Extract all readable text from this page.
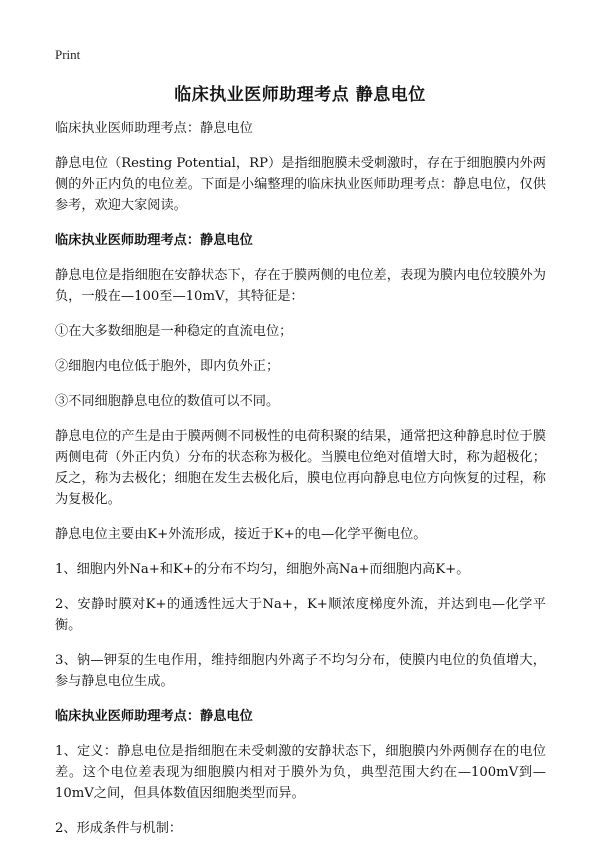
Print
临床执业医师助理考点 静息电位

临床执业医师助理考点：静息电位

静息电位（Resting Potential，RP）是指细胞膜未受刺激时，存在于细胞膜内外两侧的外正内负的电位差。下面是小编整理的临床执业医师助理考点：静息电位，仅供参考，欢迎大家阅读。

临床执业医师助理考点：静息电位

静息电位是指细胞在安静状态下，存在于膜两侧的电位差，表现为膜内电位较膜外为负，一般在—100至—10mV，其特征是：

①在大多数细胞是一种稳定的直流电位；

②细胞内电位低于胞外，即内负外正；

③不同细胞静息电位的数值可以不同。

静息电位的产生是由于膜两侧不同极性的电荷积聚的结果，通常把这种静息时位于膜两侧电荷（外正内负）分布的状态称为极化。当膜电位绝对值增大时，称为超极化；反之，称为去极化；细胞在发生去极化后，膜电位再向静息电位方向恢复的过程，称为复极化。

静息电位主要由K+外流形成，接近于K+的电—化学平衡电位。

1、细胞内外Na+和K+的分布不均匀，细胞外高Na+而细胞内高K+。

2、安静时膜对K+的通透性远大于Na+，K+顺浓度梯度外流，并达到电—化学平衡。

3、钠—钾泵的生电作用，维持细胞内外离子不均匀分布，使膜内电位的负值增大，参与静息电位生成。

临床执业医师助理考点：静息电位

1、定义：静息电位是指细胞在未受刺激的安静状态下，细胞膜内外两侧存在的电位差。这个电位差表现为细胞膜内相对于膜外为负，典型范围大约在—100mV到—10mV之间，但具体数值因细胞类型而异。

2、形成条件与机制：
